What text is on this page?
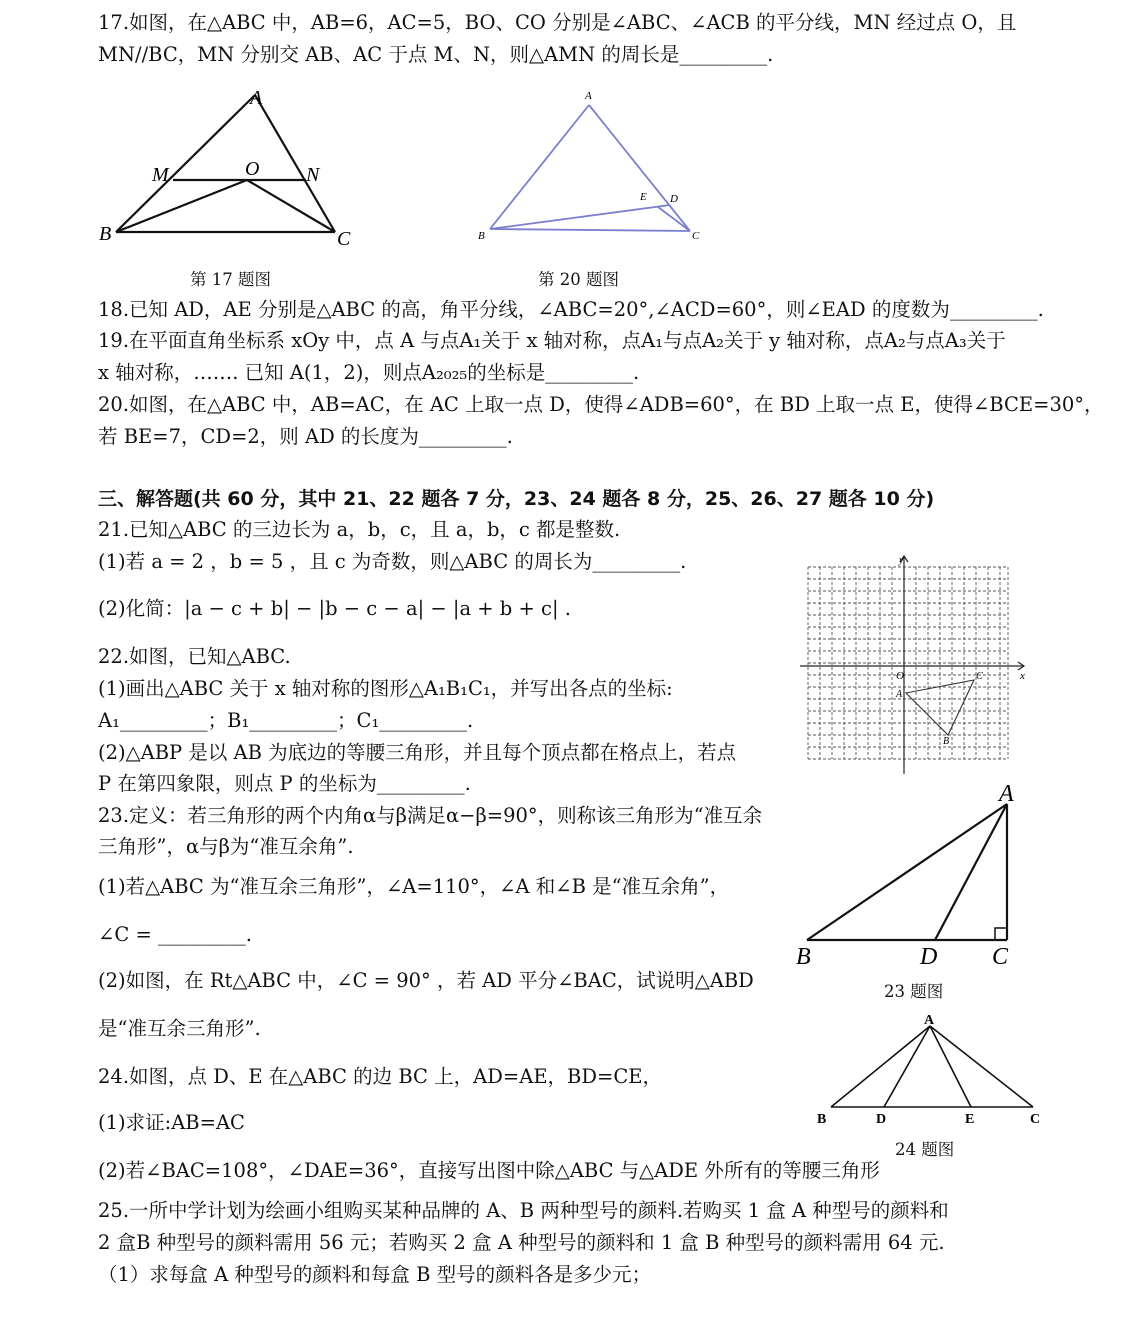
17.如图，在△ABC 中，AB=6，AC=5，BO、CO 分别是∠ABC、∠ACB 的平分线，MN 经过点 O，且
MN//BC，MN 分别交 AB、AC 于点 M、N，则△AMN 的周长是_________.
A
B	C
M	O N
第 17 题图
A
B	C
E D
第 20 题图
18.已知 AD，AE 分别是△ABC 的高，角平分线，∠ABC=20°,∠ACD=60°，则∠EAD 的度数为_________.
19.在平面直角坐标系 xOy 中，点 A 与点A₁关于 x 轴对称，点A₁与点A₂关于 y 轴对称，点A₂与点A₃关于
x 轴对称，……. 已知 A(1，2)，则点A₂₀₂₅的坐标是_________.
20.如图，在△ABC 中，AB=AC，在 AC 上取一点 D，使得∠ADB=60°，在 BD 上取一点 E，使得∠BCE=30°，
若 BE=7，CD=2，则 AD 的长度为_________.
三、解答题(共 60 分，其中 21、22 题各 7 分，23、24 题各 8 分，25、26、27 题各 10 分)
21.已知△ABC 的三边长为 a，b，c，且 a，b，c 都是整数.
(1)若 a = 2 ，b = 5 ，且 c 为奇数，则△ABC 的周长为_________.
(2)化简：|a − c + b| − |b − c − a| − |a + b + c| .
22.如图，已知△ABC.
(1)画出△ABC 关于 x 轴对称的图形△A₁B₁C₁，并写出各点的坐标:
A₁_________；B₁_________；C₁_________.
(2)△ABP 是以 AB 为底边的等腰三角形，并且每个顶点都在格点上，若点
P 在第四象限，则点 P 的坐标为_________.
y
x
O
A
B
C
23.定义：若三角形的两个内角α与β满足α−β=90°，则称该三角形为“准互余
三角形”，α与β为“准互余角”.
(1)若△ABC 为“准互余三角形”，∠A=110°，∠A 和∠B 是“准互余角”，
∠C = _________.
(2)如图，在 Rt△ABC 中，∠C = 90° ，若 AD 平分∠BAC，试说明△ABD
是“准互余三角形”.
A
B	D C
23 题图
24.如图，点 D、E 在△ABC 的边 BC 上，AD=AE，BD=CE，
(1)求证:AB=AC
(2)若∠BAC=108°，∠DAE=36°，直接写出图中除△ABC 与△ADE 外所有的等腰三角形
A
B	D	E	C
24 题图
25.一所中学计划为绘画小组购买某种品牌的 A、B 两种型号的颜料.若购买 1 盒 A 种型号的颜料和
2 盒B 种型号的颜料需用 56 元；若购买 2 盒 A 种型号的颜料和 1 盒 B 种型号的颜料需用 64 元.
（1）求每盒 A 种型号的颜料和每盒 B 型号的颜料各是多少元；
